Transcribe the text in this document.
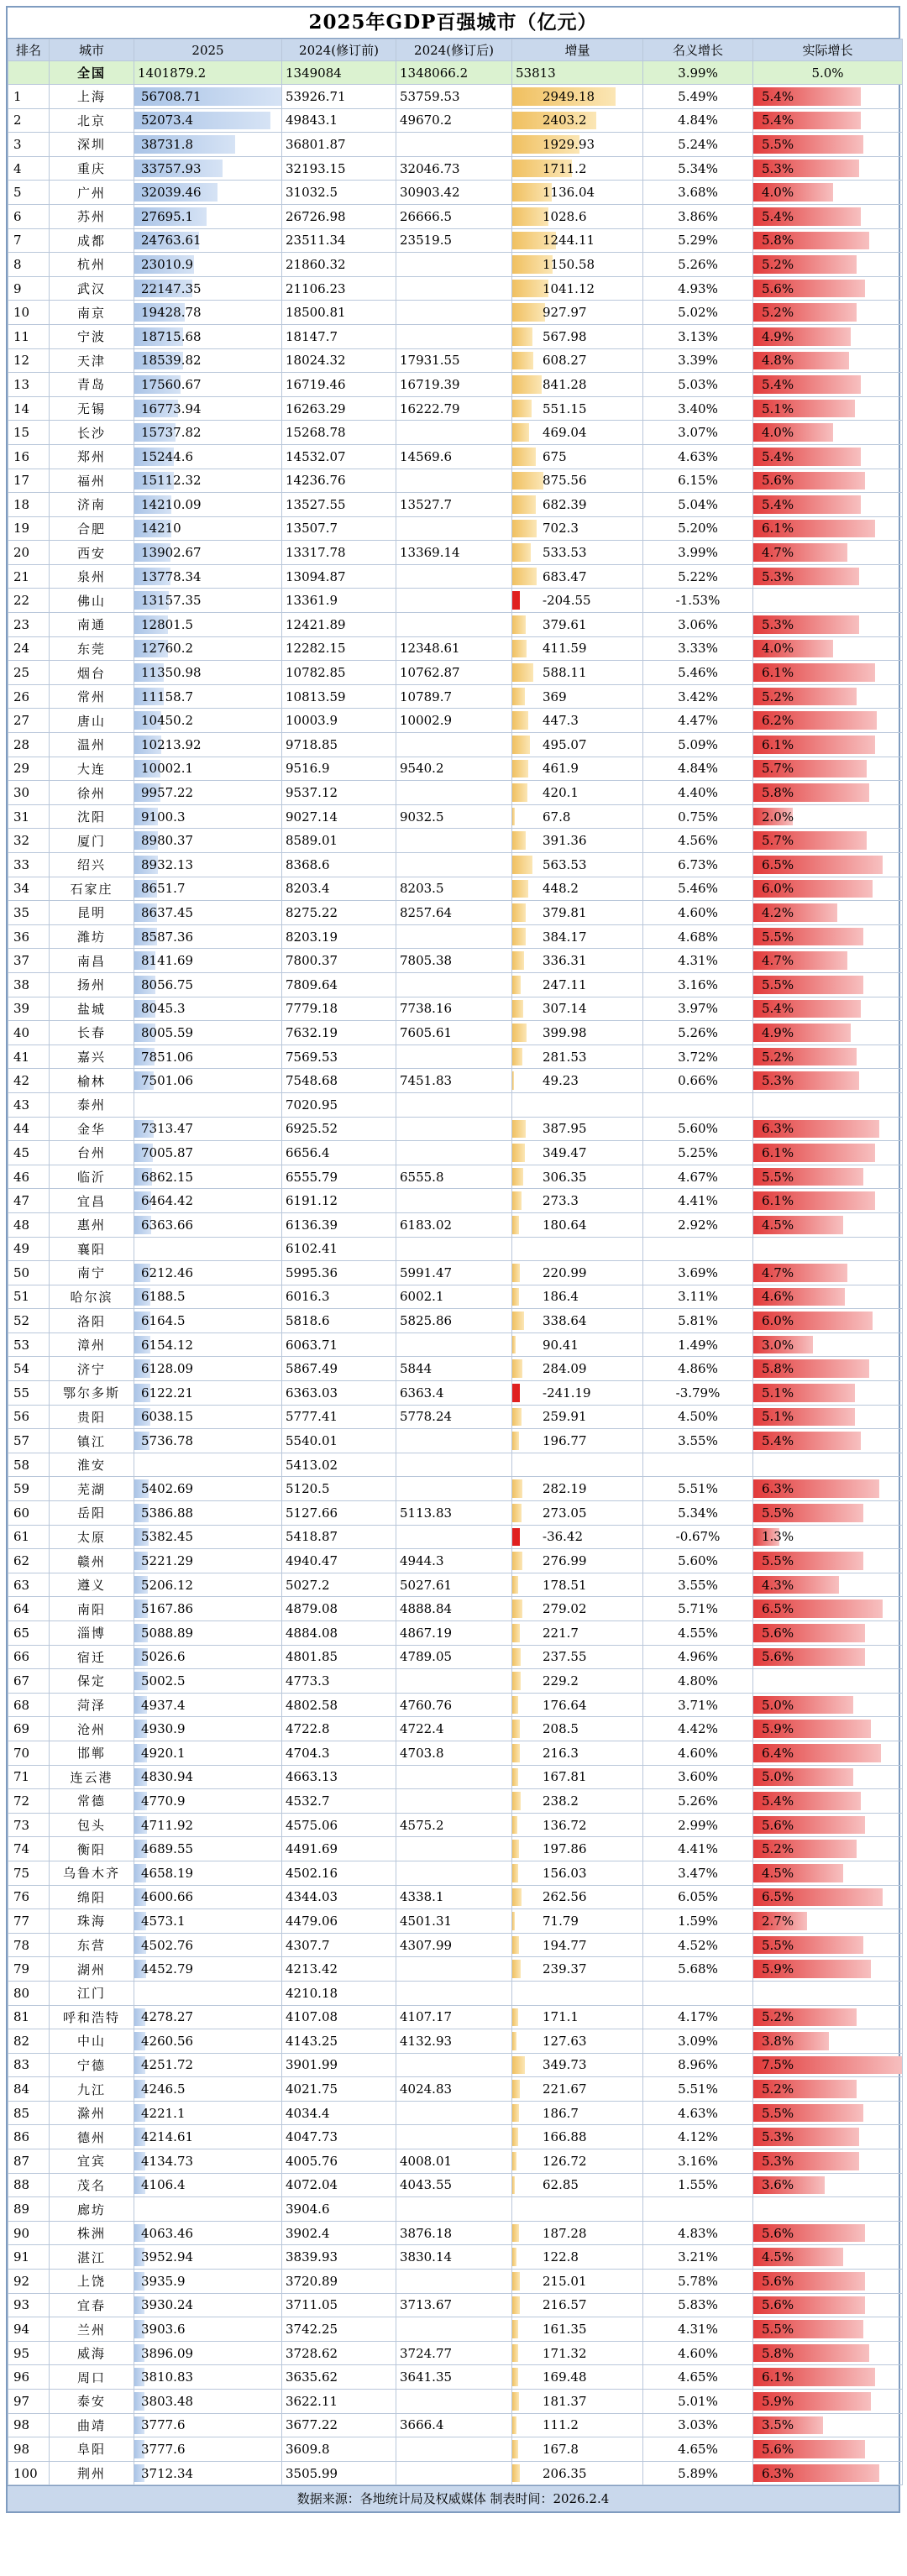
2025年GDP百强城市（亿元）
排名	城市	2025	2024(修订前)	2024(修订后)	增量	名义增长	实际增长
	全国	1401879.2	1349084	1348066.2	53813	3.99%	5.0%
1	上海	56708.71	53926.71	53759.53	2949.18	5.49%	5.4%
2	北京	52073.4	49843.1	49670.2	2403.2	4.84%	5.4%
3	深圳	38731.8	36801.87		1929.93	5.24%	5.5%
4	重庆	33757.93	32193.15	32046.73	1711.2	5.34%	5.3%
5	广州	32039.46	31032.5	30903.42	1136.04	3.68%	4.0%
6	苏州	27695.1	26726.98	26666.5	1028.6	3.86%	5.4%
7	成都	24763.61	23511.34	23519.5	1244.11	5.29%	5.8%
8	杭州	23010.9	21860.32		1150.58	5.26%	5.2%
9	武汉	22147.35	21106.23		1041.12	4.93%	5.6%
10	南京	19428.78	18500.81		927.97	5.02%	5.2%
11	宁波	18715.68	18147.7		567.98	3.13%	4.9%
12	天津	18539.82	18024.32	17931.55	608.27	3.39%	4.8%
13	青岛	17560.67	16719.46	16719.39	841.28	5.03%	5.4%
14	无锡	16773.94	16263.29	16222.79	551.15	3.40%	5.1%
15	长沙	15737.82	15268.78		469.04	3.07%	4.0%
16	郑州	15244.6	14532.07	14569.6	675	4.63%	5.4%
17	福州	15112.32	14236.76		875.56	6.15%	5.6%
18	济南	14210.09	13527.55	13527.7	682.39	5.04%	5.4%
19	合肥	14210	13507.7		702.3	5.20%	6.1%
20	西安	13902.67	13317.78	13369.14	533.53	3.99%	4.7%
21	泉州	13778.34	13094.87		683.47	5.22%	5.3%
22	佛山	13157.35	13361.9		-204.55	-1.53%	
23	南通	12801.5	12421.89		379.61	3.06%	5.3%
24	东莞	12760.2	12282.15	12348.61	411.59	3.33%	4.0%
25	烟台	11350.98	10782.85	10762.87	588.11	5.46%	6.1%
26	常州	11158.7	10813.59	10789.7	369	3.42%	5.2%
27	唐山	10450.2	10003.9	10002.9	447.3	4.47%	6.2%
28	温州	10213.92	9718.85		495.07	5.09%	6.1%
29	大连	10002.1	9516.9	9540.2	461.9	4.84%	5.7%
30	徐州	9957.22	9537.12		420.1	4.40%	5.8%
31	沈阳	9100.3	9027.14	9032.5	67.8	0.75%	2.0%
32	厦门	8980.37	8589.01		391.36	4.56%	5.7%
33	绍兴	8932.13	8368.6		563.53	6.73%	6.5%
34	石家庄	8651.7	8203.4	8203.5	448.2	5.46%	6.0%
35	昆明	8637.45	8275.22	8257.64	379.81	4.60%	4.2%
36	潍坊	8587.36	8203.19		384.17	4.68%	5.5%
37	南昌	8141.69	7800.37	7805.38	336.31	4.31%	4.7%
38	扬州	8056.75	7809.64		247.11	3.16%	5.5%
39	盐城	8045.3	7779.18	7738.16	307.14	3.97%	5.4%
40	长春	8005.59	7632.19	7605.61	399.98	5.26%	4.9%
41	嘉兴	7851.06	7569.53		281.53	3.72%	5.2%
42	榆林	7501.06	7548.68	7451.83	49.23	0.66%	5.3%
43	泰州		7020.95				
44	金华	7313.47	6925.52		387.95	5.60%	6.3%
45	台州	7005.87	6656.4		349.47	5.25%	6.1%
46	临沂	6862.15	6555.79	6555.8	306.35	4.67%	5.5%
47	宜昌	6464.42	6191.12		273.3	4.41%	6.1%
48	惠州	6363.66	6136.39	6183.02	180.64	2.92%	4.5%
49	襄阳		6102.41				
50	南宁	6212.46	5995.36	5991.47	220.99	3.69%	4.7%
51	哈尔滨	6188.5	6016.3	6002.1	186.4	3.11%	4.6%
52	洛阳	6164.5	5818.6	5825.86	338.64	5.81%	6.0%
53	漳州	6154.12	6063.71		90.41	1.49%	3.0%
54	济宁	6128.09	5867.49	5844	284.09	4.86%	5.8%
55	鄂尔多斯	6122.21	6363.03	6363.4	-241.19	-3.79%	5.1%
56	贵阳	6038.15	5777.41	5778.24	259.91	4.50%	5.1%
57	镇江	5736.78	5540.01		196.77	3.55%	5.4%
58	淮安		5413.02				
59	芜湖	5402.69	5120.5		282.19	5.51%	6.3%
60	岳阳	5386.88	5127.66	5113.83	273.05	5.34%	5.5%
61	太原	5382.45	5418.87		-36.42	-0.67%	1.3%
62	赣州	5221.29	4940.47	4944.3	276.99	5.60%	5.5%
63	遵义	5206.12	5027.2	5027.61	178.51	3.55%	4.3%
64	南阳	5167.86	4879.08	4888.84	279.02	5.71%	6.5%
65	淄博	5088.89	4884.08	4867.19	221.7	4.55%	5.6%
66	宿迁	5026.6	4801.85	4789.05	237.55	4.96%	5.6%
67	保定	5002.5	4773.3		229.2	4.80%	
68	菏泽	4937.4	4802.58	4760.76	176.64	3.71%	5.0%
69	沧州	4930.9	4722.8	4722.4	208.5	4.42%	5.9%
70	邯郸	4920.1	4704.3	4703.8	216.3	4.60%	6.4%
71	连云港	4830.94	4663.13		167.81	3.60%	5.0%
72	常德	4770.9	4532.7		238.2	5.26%	5.4%
73	包头	4711.92	4575.06	4575.2	136.72	2.99%	5.6%
74	衡阳	4689.55	4491.69		197.86	4.41%	5.2%
75	乌鲁木齐	4658.19	4502.16		156.03	3.47%	4.5%
76	绵阳	4600.66	4344.03	4338.1	262.56	6.05%	6.5%
77	珠海	4573.1	4479.06	4501.31	71.79	1.59%	2.7%
78	东营	4502.76	4307.7	4307.99	194.77	4.52%	5.5%
79	湖州	4452.79	4213.42		239.37	5.68%	5.9%
80	江门		4210.18				
81	呼和浩特	4278.27	4107.08	4107.17	171.1	4.17%	5.2%
82	中山	4260.56	4143.25	4132.93	127.63	3.09%	3.8%
83	宁德	4251.72	3901.99		349.73	8.96%	7.5%
84	九江	4246.5	4021.75	4024.83	221.67	5.51%	5.2%
85	滁州	4221.1	4034.4		186.7	4.63%	5.5%
86	德州	4214.61	4047.73		166.88	4.12%	5.3%
87	宜宾	4134.73	4005.76	4008.01	126.72	3.16%	5.3%
88	茂名	4106.4	4072.04	4043.55	62.85	1.55%	3.6%
89	廊坊		3904.6				
90	株洲	4063.46	3902.4	3876.18	187.28	4.83%	5.6%
91	湛江	3952.94	3839.93	3830.14	122.8	3.21%	4.5%
92	上饶	3935.9	3720.89		215.01	5.78%	5.6%
93	宜春	3930.24	3711.05	3713.67	216.57	5.83%	5.6%
94	兰州	3903.6	3742.25		161.35	4.31%	5.5%
95	威海	3896.09	3728.62	3724.77	171.32	4.60%	5.8%
96	周口	3810.83	3635.62	3641.35	169.48	4.65%	6.1%
97	泰安	3803.48	3622.11		181.37	5.01%	5.9%
98	曲靖	3777.6	3677.22	3666.4	111.2	3.03%	3.5%
98	阜阳	3777.6	3609.8		167.8	4.65%	5.6%
100	荆州	3712.34	3505.99		206.35	5.89%	6.3%
数据来源：各地统计局及权威媒体 制表时间：2026.2.4
